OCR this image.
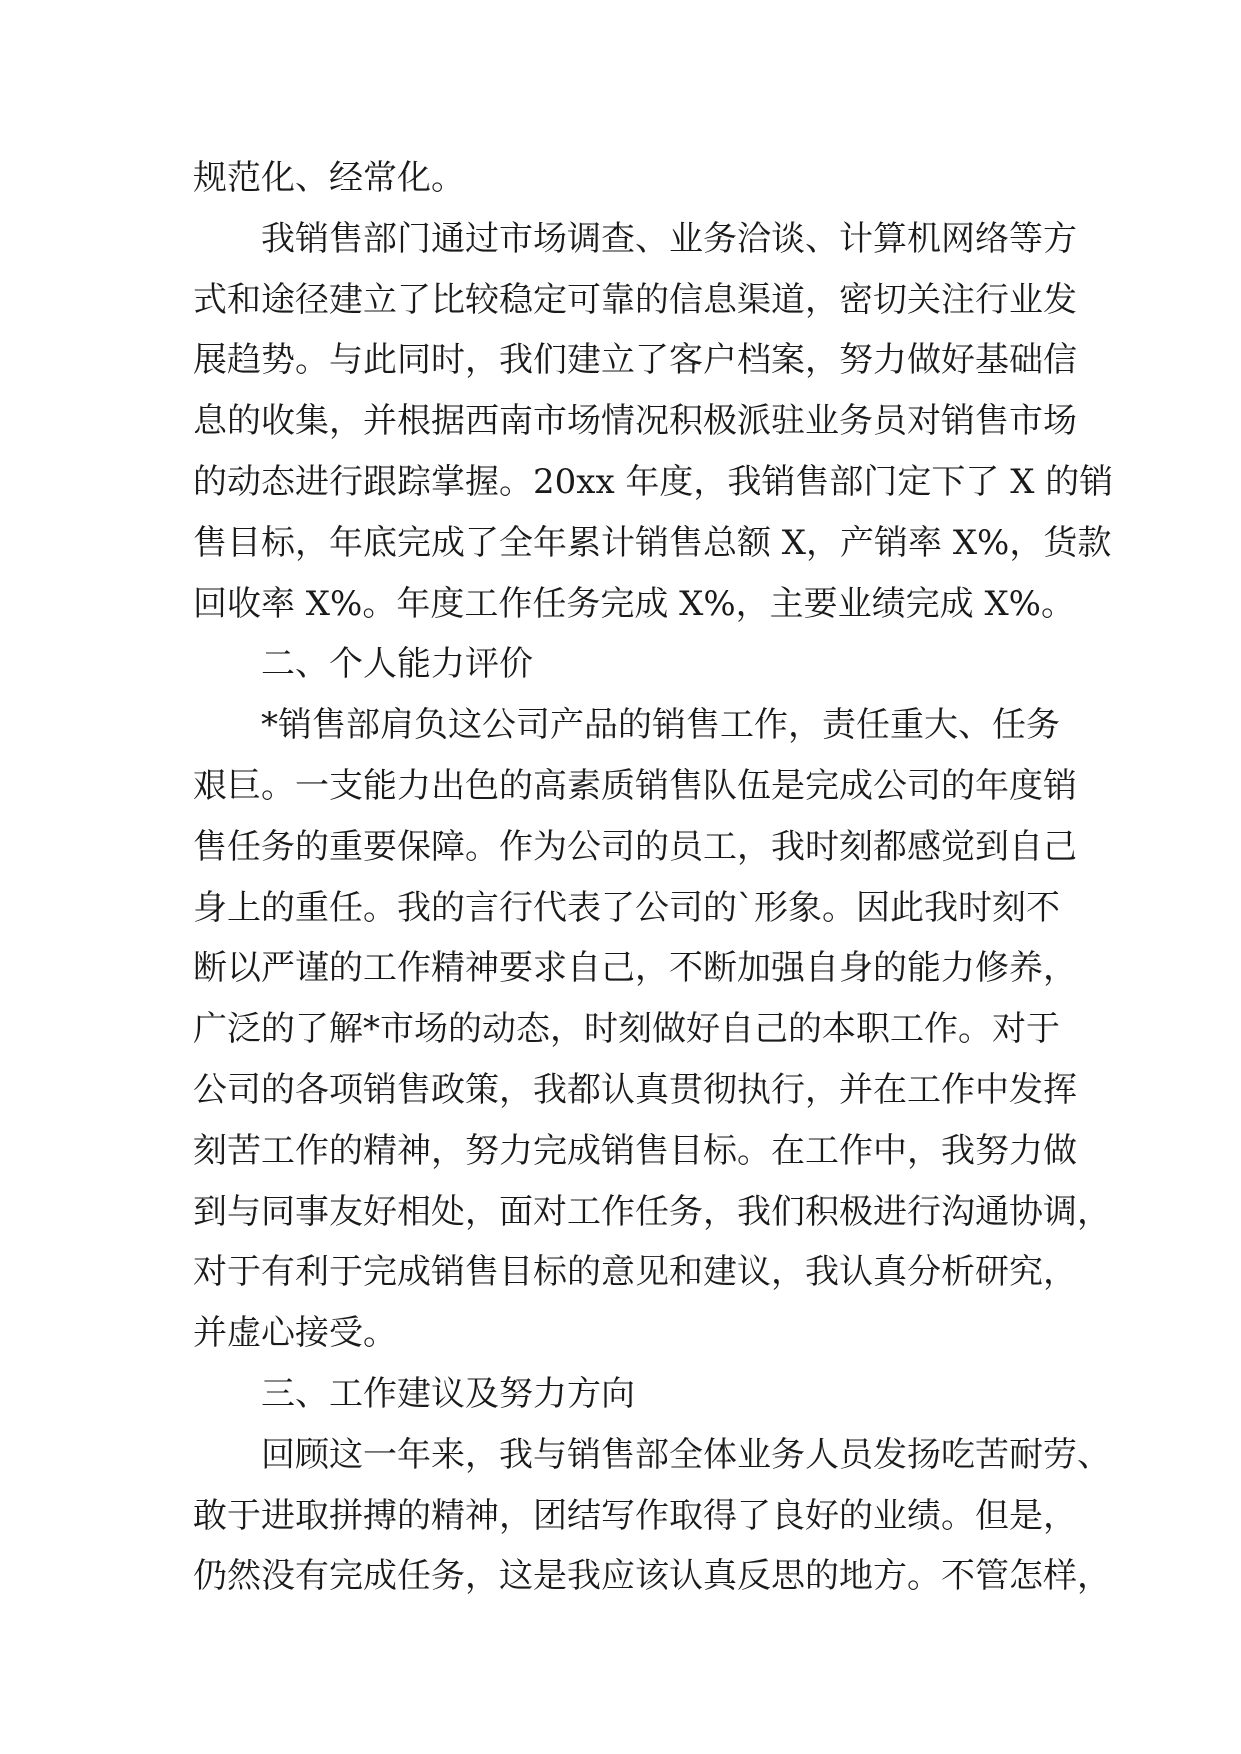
规范化、经常化。
我销售部门通过市场调查、业务洽谈、计算机网络等方
式和途径建立了比较稳定可靠的信息渠道，密切关注行业发
展趋势。与此同时，我们建立了客户档案，努力做好基础信
息的收集，并根据西南市场情况积极派驻业务员对销售市场
的动态进行跟踪掌握。20xx 年度，我销售部门定下了 X 的销
售目标，年底完成了全年累计销售总额 X，产销率 X%，货款
回收率 X%。年度工作任务完成 X%，主要业绩完成 X%。
二、个人能力评价
*销售部肩负这公司产品的销售工作，责任重大、任务
艰巨。一支能力出色的高素质销售队伍是完成公司的年度销
售任务的重要保障。作为公司的员工，我时刻都感觉到自己
身上的重任。我的言行代表了公司的`形象。因此我时刻不
断以严谨的工作精神要求自己，不断加强自身的能力修养，
广泛的了解*市场的动态，时刻做好自己的本职工作。对于
公司的各项销售政策，我都认真贯彻执行，并在工作中发挥
刻苦工作的精神，努力完成销售目标。在工作中，我努力做
到与同事友好相处，面对工作任务，我们积极进行沟通协调，
对于有利于完成销售目标的意见和建议，我认真分析研究，
并虚心接受。
三、工作建议及努力方向
回顾这一年来，我与销售部全体业务人员发扬吃苦耐劳、
敢于进取拼搏的精神，团结写作取得了良好的业绩。但是，
仍然没有完成任务，这是我应该认真反思的地方。不管怎样，
